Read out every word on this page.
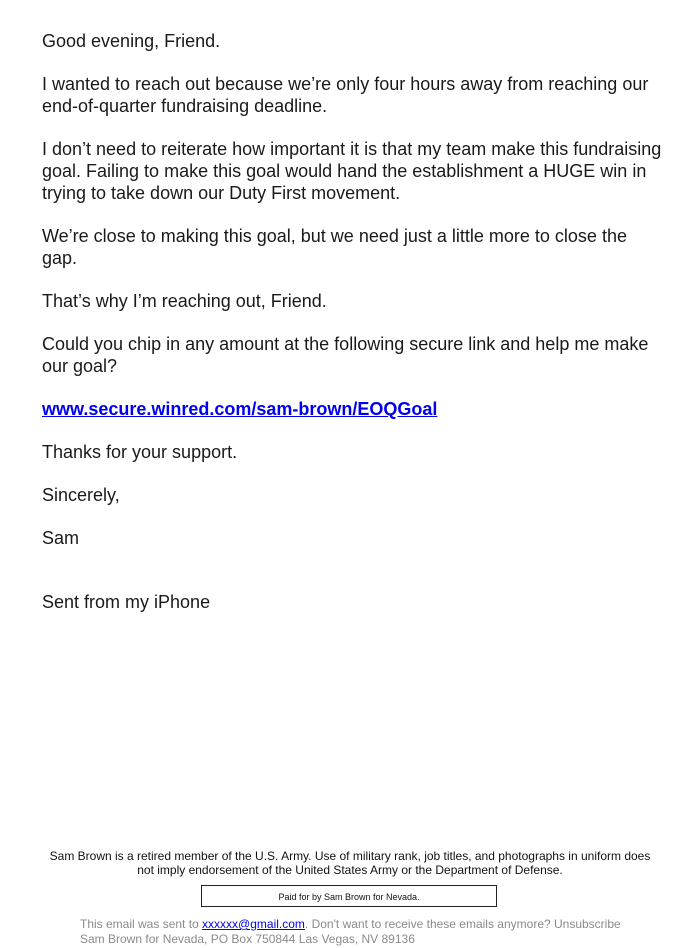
Good evening, Friend.

I wanted to reach out because we’re only four hours away from reaching our end-of-quarter fundraising deadline.

I don’t need to reiterate how important it is that my team make this fundraising goal. Failing to make this goal would hand the establishment a HUGE win in trying to take down our Duty First movement.

We’re close to making this goal, but we need just a little more to close the gap.

That’s why I’m reaching out, Friend.

Could you chip in any amount at the following secure link and help me make our goal?

www.secure.winred.com/sam-brown/EOQGoal

Thanks for your support.

Sincerely,

Sam

Sent from my iPhone

Sam Brown is a retired member of the U.S. Army. Use of military rank, job titles, and photographs in uniform does not imply endorsement of the United States Army or the Department of Defense.
Paid for by Sam Brown for Nevada.
This email was sent to xxxxxx@gmail.com. Don't want to receive these emails anymore? Unsubscribe
Sam Brown for Nevada, PO Box 750844 Las Vegas, NV 89136
